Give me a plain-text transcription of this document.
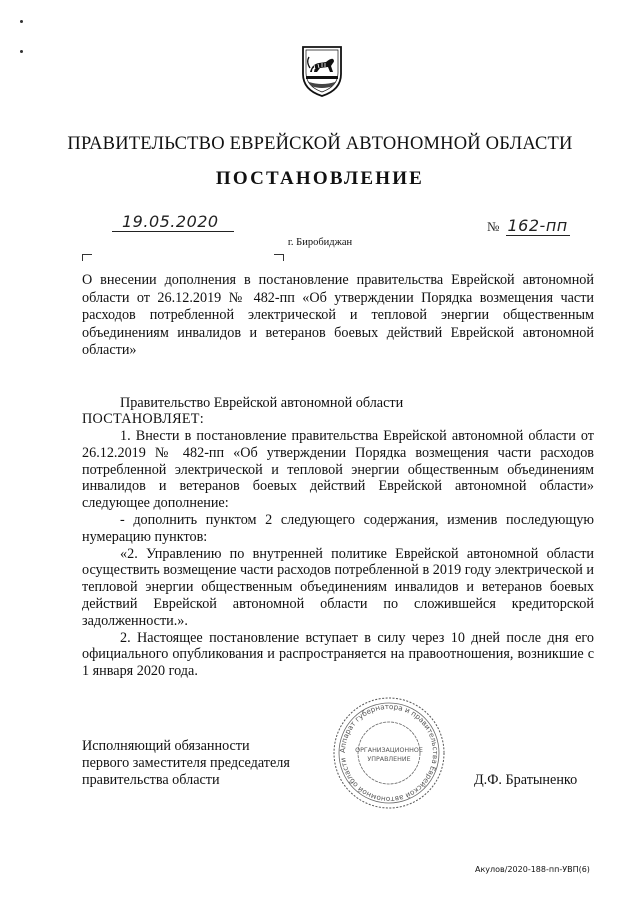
ПРАВИТЕЛЬСТВО ЕВРЕЙСКОЙ АВТОНОМНОЙ ОБЛАСТИ
ПОСТАНОВЛЕНИЕ
19.05.2020	№ 162-пп
г. Биробиджан
О внесении дополнения в постановление правительства Еврейской автономной области от 26.12.2019 № 482-пп «Об утверждении Порядка возмещения части расходов потребленной электрической и тепловой энергии общественным объединениям инвалидов и ветеранов боевых действий Еврейской автономной области»
Правительство Еврейской автономной области
ПОСТАНОВЛЯЕТ:

1. Внести в постановление правительства Еврейской автономной области от 26.12.2019 № 482-пп «Об утверждении Порядка возмещения части расходов потребленной электрической и тепловой энергии общественным объединениям инвалидов и ветеранов боевых действий Еврейской автономной области» следующее дополнение:

- дополнить пунктом 2 следующего содержания, изменив последующую нумерацию пунктов:

«2. Управлению по внутренней политике Еврейской автономной области осуществить возмещение части расходов потребленной в 2019 году электрической и тепловой энергии общественным объединениям инвалидов и ветеранов боевых действий Еврейской автономной области по сложившейся кредиторской задолженности.».

2. Настоящее постановление вступает в силу через 10 дней после дня его официального опубликования и распространяется на правоотношения, возникшие с 1 января 2020 года.

Исполняющий обязанности
первого заместителя председателя
правительства области
Аппарат губернатора и правительства Еврейской автономной области
ОРГАНИЗАЦИОННОЕ
УПРАВЛЕНИЕ
Д.Ф. Братыненко
Акулов/2020-188-пп-УВП(6)
